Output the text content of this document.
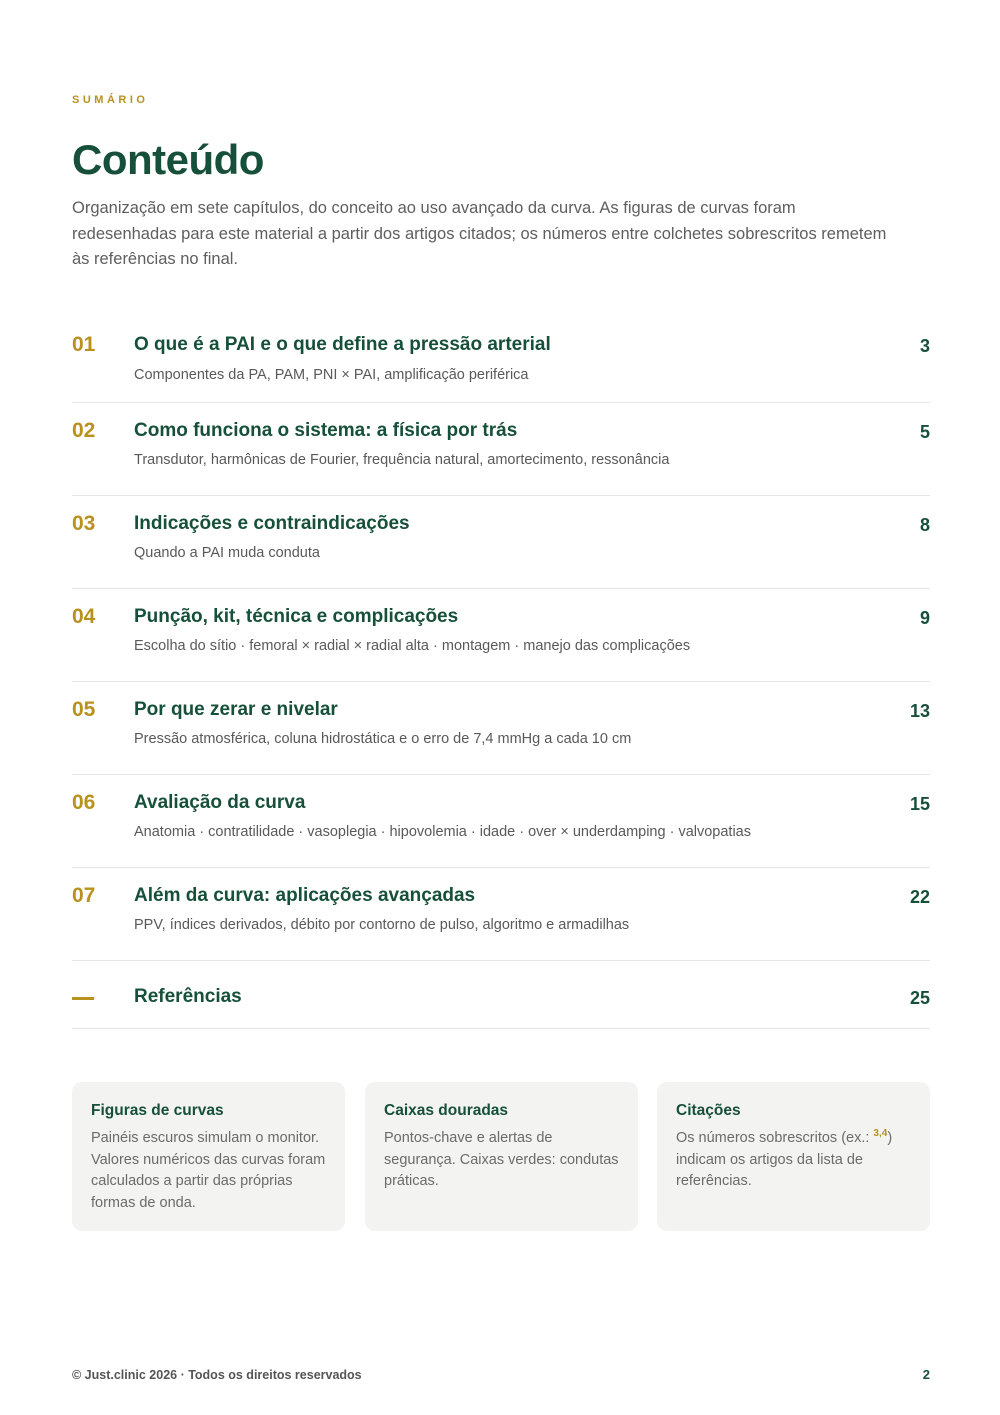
SUMÁRIO
Conteúdo

Organização em sete capítulos, do conceito ao uso avançado da curva. As figuras de curvas foram redesenhadas para este material a partir dos artigos citados; os números entre colchetes sobrescritos remetem às referências no final.

01 O que é a PAI e o que define a pressão arterial
Componentes da PA, PAM, PNI × PAI, amplificação periférica
3
02 Como funciona o sistema: a física por trás
Transdutor, harmônicas de Fourier, frequência natural, amortecimento, ressonância
5
03 Indicações e contraindicações
Quando a PAI muda conduta
8
04 Punção, kit, técnica e complicações
Escolha do sítio · femoral × radial × radial alta · montagem · manejo das complicações
9
05 Por que zerar e nivelar
Pressão atmosférica, coluna hidrostática e o erro de 7,4 mmHg a cada 10 cm
13
06 Avaliação da curva
Anatomia · contratilidade · vasoplegia · hipovolemia · idade · over × underdamping · valvopatias
15
07 Além da curva: aplicações avançadas
PPV, índices derivados, débito por contorno de pulso, algoritmo e armadilhas
22
Referências	25
Figuras de curvas
Painéis escuros simulam o monitor. Valores numéricos das curvas foram calculados a partir das próprias formas de onda.
Caixas douradas
Pontos-chave e alertas de segurança. Caixas verdes: condutas práticas.
Citações
Os números sobrescritos (ex.: $^{3,4}$) indicam os artigos da lista de referências.
© Just.clinic 2026 · Todos os direitos reservados	2
